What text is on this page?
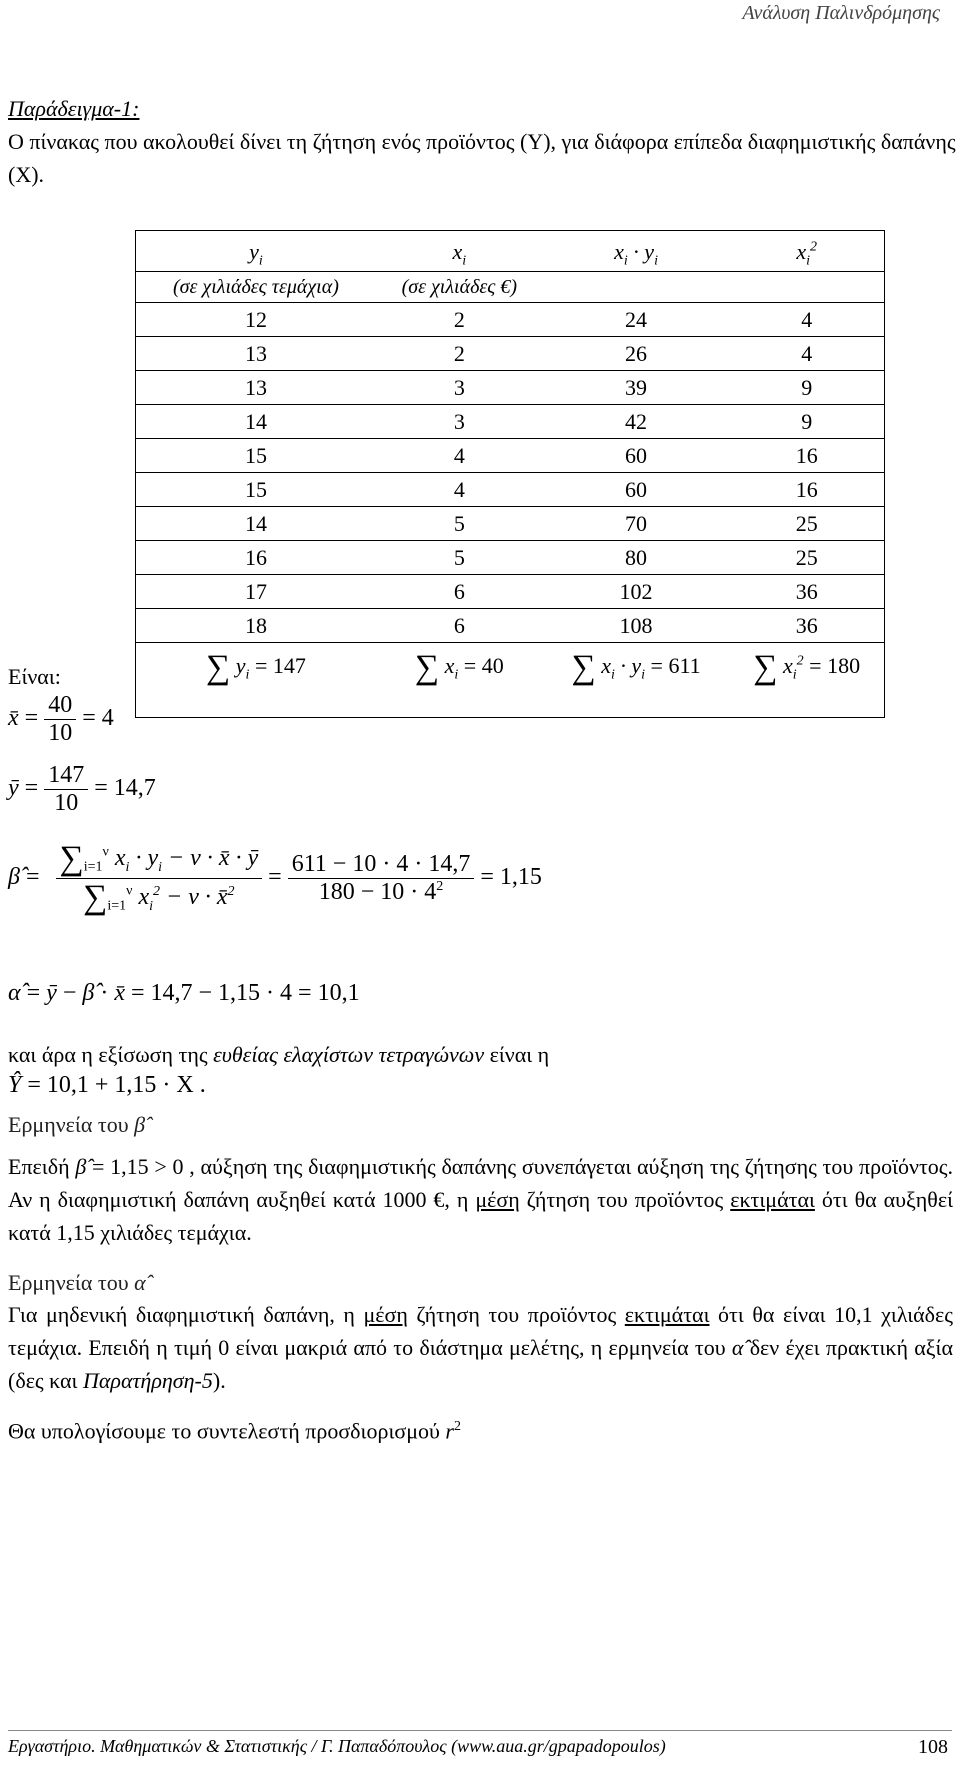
Ανάλυση Παλινδρόμησης
Παράδειγμα-1:
Ο πίνακας που ακολουθεί δίνει τη ζήτηση ενός προϊόντος (Y), για διάφορα επίπεδα διαφημιστικής δαπάνης (X).
$y_i$	$x_i$	$x_i \cdot y_i$	$x_i^2$
(σε χιλιάδες τεμάχια)	(σε χιλιάδες €)		
12	2	24	4
13	2	26	4
13	3	39	9
14	3	42	9
15	4	60	16
15	4	60	16
14	5	70	25
16	5	80	25
17	6	102	36
18	6	108	36
∑ $y_i = 147$	∑ $x_i = 40$	∑ $x_i \cdot y_i = 611$	∑ $x_i^2 = 180$
Είναι:
x̄ = $\frac{40}{10} = 4$
ȳ = $\frac{147}{10} = 14,7$
β̂ = $\frac{\sum_{i=1}^\nu x_i \cdot y_i - \nu \cdot x̄ \cdot ȳ}{\sum_{i=1}^\nu x_i^2 - \nu \cdot x̄^2} = \frac{611 - 10 \cdot 4 \cdot 14,7}{180 - 10 \cdot 4^2} = 1,15$
α̂ = ȳ − β̂ · x̄ = 14,7 − 1,15 · 4 = 10,1
και άρα η εξίσωση της ευθείας ελαχίστων τετραγώνων είναι η
Ŷ = 10,1 + 1,15 · X .
Ερμηνεία του β̂
Επειδή β̂ = 1,15 > 0 , αύξηση της διαφημιστικής δαπάνης συνεπάγεται αύξηση της ζήτησης του προϊόντος. Αν η διαφημιστική δαπάνη αυξηθεί κατά 1000 €, η μέση ζήτηση του προϊόντος εκτιμάται ότι θα αυξηθεί κατά 1,15 χιλιάδες τεμάχια.
Ερμηνεία του α̂
Για μηδενική διαφημιστική δαπάνη, η μέση ζήτηση του προϊόντος εκτιμάται ότι θα είναι 10,1 χιλιάδες τεμάχια. Επειδή η τιμή 0 είναι μακριά από το διάστημα μελέτης, η ερμηνεία του α̂ δεν έχει πρακτική αξία (δες και Παρατήρηση-5).
Θα υπολογίσουμε το συντελεστή προσδιορισμού $r^2$
Εργαστήριο. Μαθηματικών & Στατιστικής / Γ. Παπαδόπουλος (www.aua.gr/gpapadopoulos)	108
